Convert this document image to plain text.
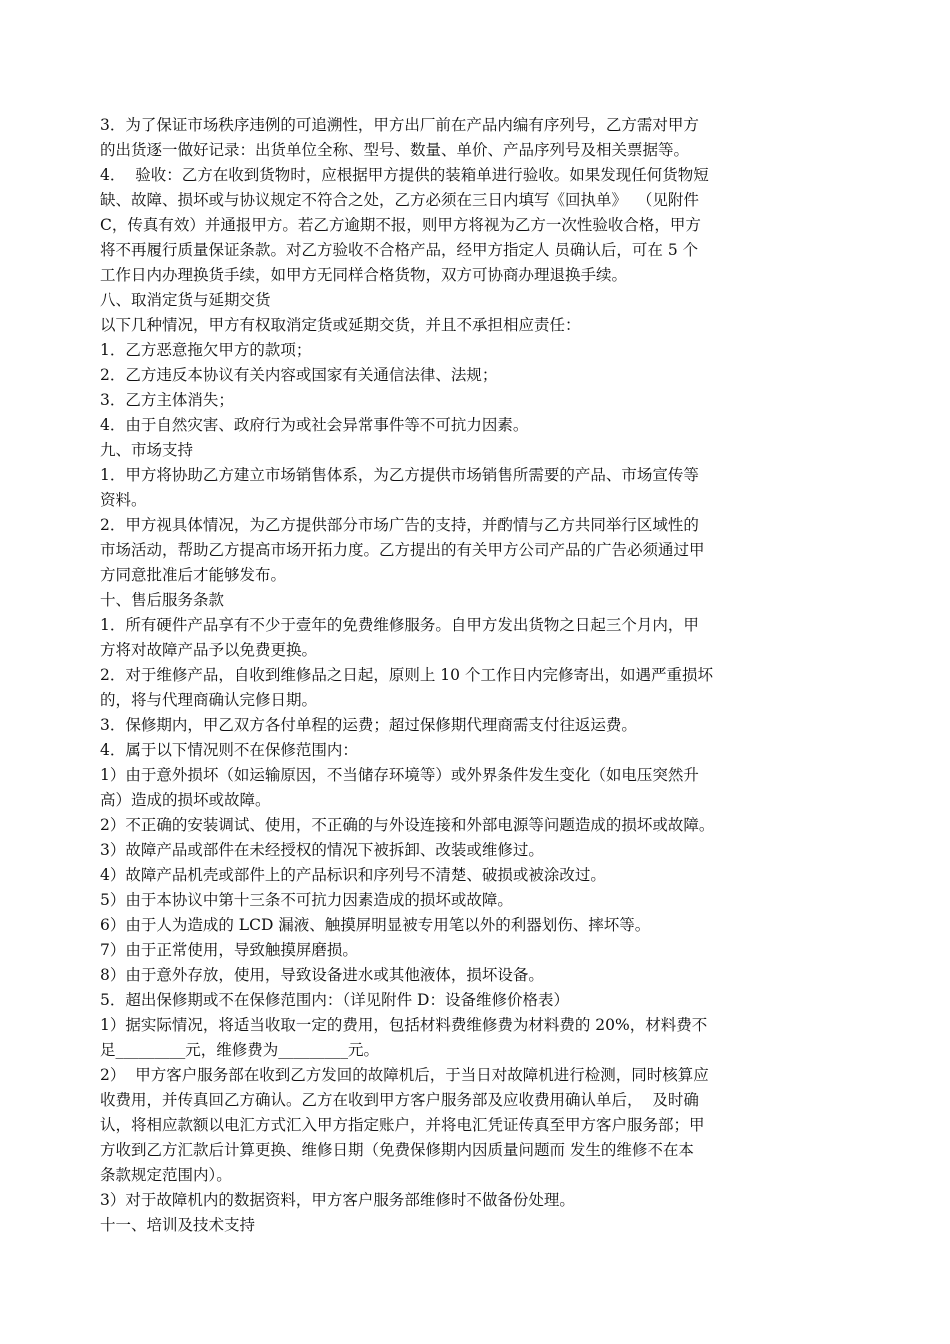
3．为了保证市场秩序违例的可追溯性，甲方出厂前在产品内编有序列号，乙方需对甲方
的出货逐一做好记录：出货单位全称、型号、数量、单价、产品序列号及相关票据等。
4．  验收：乙方在收到货物时，应根据甲方提供的装箱单进行验收。如果发现任何货物短
缺、故障、损坏或与协议规定不符合之处，乙方必须在三日内填写《回执单》  （见附件
C，传真有效）并通报甲方。若乙方逾期不报，则甲方将视为乙方一次性验收合格，甲方
将不再履行质量保证条款。对乙方验收不合格产品，经甲方指定人 员确认后，可在 5 个
工作日内办理换货手续，如甲方无同样合格货物，双方可协商办理退换手续。
八、取消定货与延期交货
以下几种情况，甲方有权取消定货或延期交货，并且不承担相应责任：
1．乙方恶意拖欠甲方的款项；
2．乙方违反本协议有关内容或国家有关通信法律、法规；
3．乙方主体消失；
4．由于自然灾害、政府行为或社会异常事件等不可抗力因素。
九、市场支持
1．甲方将协助乙方建立市场销售体系，为乙方提供市场销售所需要的产品、市场宣传等
资料。
2．甲方视具体情况，为乙方提供部分市场广告的支持，并酌情与乙方共同举行区域性的
市场活动，帮助乙方提高市场开拓力度。乙方提出的有关甲方公司产品的广告必须通过甲
方同意批准后才能够发布。
十、售后服务条款
1．所有硬件产品享有不少于壹年的免费维修服务。自甲方发出货物之日起三个月内，甲
方将对故障产品予以免费更换。
2．对于维修产品，自收到维修品之日起，原则上 10 个工作日内完修寄出，如遇严重损坏
的，将与代理商确认完修日期。
3．保修期内，甲乙双方各付单程的运费；超过保修期代理商需支付往返运费。
4．属于以下情况则不在保修范围内：
1）由于意外损坏（如运输原因，不当储存环境等）或外界条件发生变化（如电压突然升
高）造成的损坏或故障。
2）不正确的安装调试、使用，不正确的与外设连接和外部电源等问题造成的损坏或故障。
3）故障产品或部件在未经授权的情况下被拆卸、改装或维修过。
4）故障产品机壳或部件上的产品标识和序列号不清楚、破损或被涂改过。
5）由于本协议中第十三条不可抗力因素造成的损坏或故障。
6）由于人为造成的 LCD 漏液、触摸屏明显被专用笔以外的利器划伤、摔坏等。
7）由于正常使用，导致触摸屏磨损。
8）由于意外存放，使用，导致设备进水或其他液体，损坏设备。
5．超出保修期或不在保修范围内：（详见附件 D：设备维修价格表）
1）据实际情况，将适当收取一定的费用，包括材料费维修费为材料费的 20%，材料费不
足_________元，维修费为_________元。
2）  甲方客户服务部在收到乙方发回的故障机后，于当日对故障机进行检测，同时核算应
收费用，并传真回乙方确认。乙方在收到甲方客户服务部及应收费用确认单后，  及时确
认，将相应款额以电汇方式汇入甲方指定账户，并将电汇凭证传真至甲方客户服务部；甲
方收到乙方汇款后计算更换、维修日期（免费保修期内因质量问题而 发生的维修不在本
条款规定范围内）。
3）对于故障机内的数据资料，甲方客户服务部维修时不做备份处理。
十一、培训及技术支持
